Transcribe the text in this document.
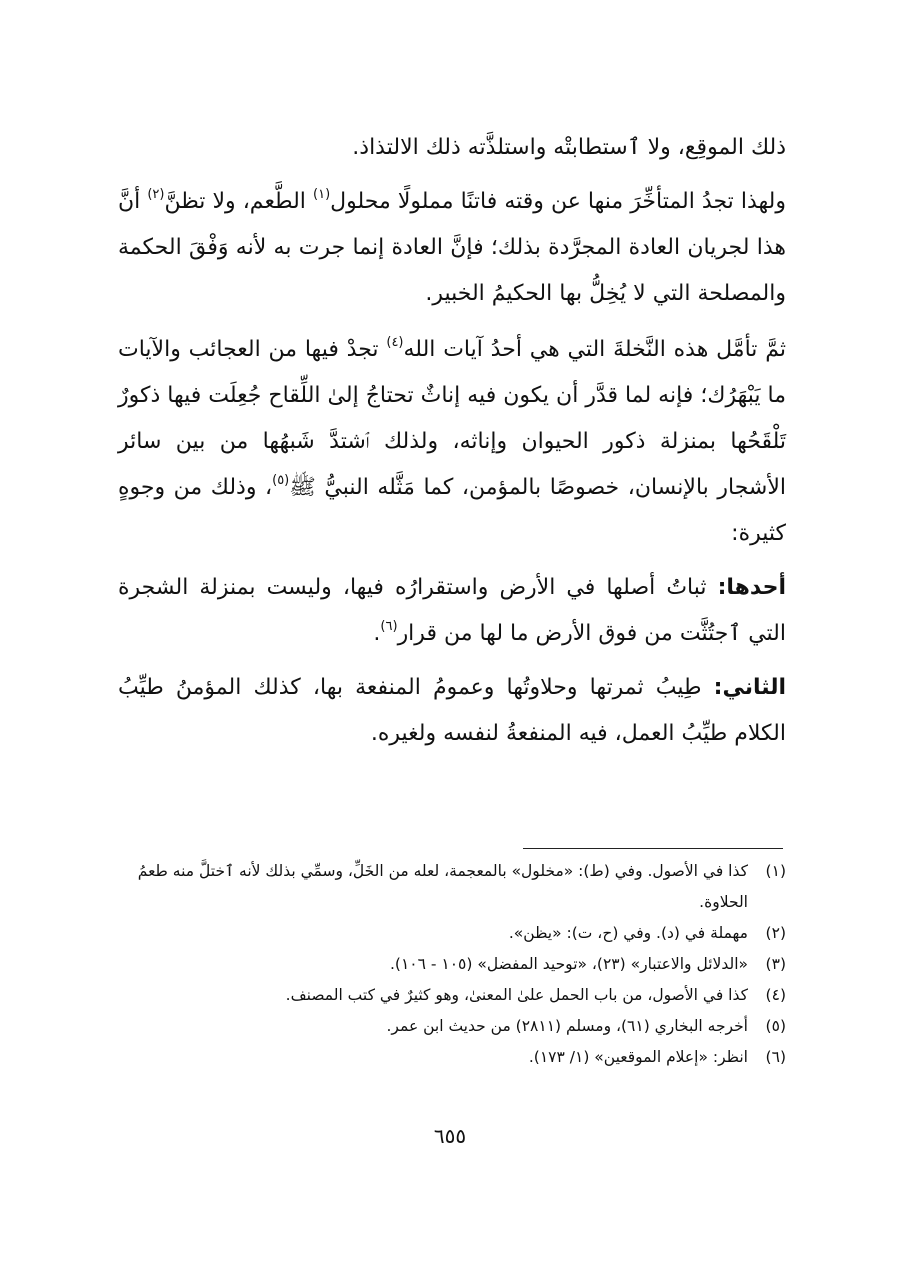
ذلك الموقِع، ولا ٱستطابتْه واستلذَّته ذلك الالتذاذ.

ولهذا تجدُ المتأخِّرَ منها عن وقته فاتنًا مملولًا محلول$^{(١)}$ الطَّعم، ولا تظنَّ$^{(٢)}$ أنَّ هذا لجريان العادة المجرَّدة بذلك؛ فإنَّ العادة إنما جرت به لأنه وَفْقَ الحكمة والمصلحة التي لا يُخِلُّ بها الحكيمُ الخبير.

ثمَّ تأمَّل هذه النَّخلةَ التي هي أحدُ آيات الله$^{(٤)}$ تجدْ فيها من العجائب والآيات ما يَبْهَرُك؛ فإنه لما قدَّر أن يكون فيه إناثٌ تحتاجُ إلىٰ اللِّقاح جُعِلَت فيها ذكورٌ تَلْقَحُها بمنزلة ذكور الحيوان وإناثه، ولذلك ٱشتدَّ شَبهُها من بين سائر الأشجار بالإنسان، خصوصًا بالمؤمن، كما مَثَّله النبيُّ ﷺ$^{(٥)}$، وذلك من وجوهٍ كثيرة:

أحدها: ثباتُ أصلها في الأرض واستقرارُه فيها، وليست بمنزلة الشجرة التي ٱجتُثَّت من فوق الأرض ما لها من قرار$^{(٦)}$.

الثاني: طِيبُ ثمرتها وحلاوتُها وعمومُ المنفعة بها، كذلك المؤمنُ طيِّبُ الكلام طيِّبُ العمل، فيه المنفعةُ لنفسه ولغيره.

(١)
كذا في الأصول. وفي (ط): «مخلول» بالمعجمة، لعله من الخَلِّ، وسمِّي بذلك لأنه ٱختلَّ منه طعمُ الحلاوة.
(٢)
مهملة في (د). وفي (ح، ت): «يظن».
(٣)
«الدلائل والاعتبار» (٢٣)، «توحيد المفضل» (١٠٥ - ١٠٦).
(٤)
كذا في الأصول، من باب الحمل علىٰ المعنىٰ، وهو كثيرٌ في كتب المصنف.
(٥)
أخرجه البخاري (٦١)، ومسلم (٢٨١١) من حديث ابن عمر.
(٦)
انظر: «إعلام الموقعين» (١/ ١٧٣).
٦٥٥
